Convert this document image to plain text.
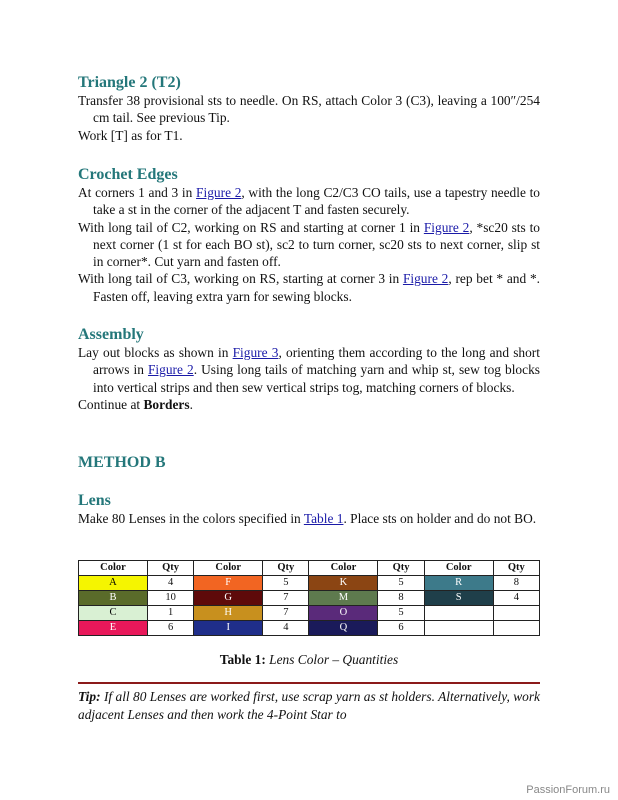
Triangle 2 (T2)

Transfer 38 provisional sts to needle. On RS, attach Color 3 (C3), leaving a 100″/254 cm tail. See previous Tip.

Work [T] as for T1.

Crochet Edges

At corners 1 and 3 in Figure 2, with the long C2/C3 CO tails, use a tapestry needle to take a st in the corner of the adjacent T and fasten securely.

With long tail of C2, working on RS and starting at corner 1 in Figure 2, *sc20 sts to next corner (1 st for each BO st), sc2 to turn corner, sc20 sts to next corner, slip st in corner*. Cut yarn and fasten off.

With long tail of C3, working on RS, starting at corner 3 in Figure 2, rep bet * and *. Fasten off, leaving extra yarn for sewing blocks.

Assembly

Lay out blocks as shown in Figure 3, orienting them according to the long and short arrows in Figure 2. Using long tails of matching yarn and whip st, sew tog blocks into vertical strips and then sew vertical strips tog, matching corners of blocks.

Continue at Borders.

METHOD B
Lens

Make 80 Lenses in the colors specified in Table 1. Place sts on holder and do not BO.

Color	Qty	Color	Qty	Color	Qty	Color	Qty
A	4	F	5	K	5	R	8
B	10	G	7	M	8	S	4
C	1	H	7	O	5		
E	6	I	4	Q	6		
Table 1: Lens Color – Quantities
Tip: If all 80 Lenses are worked first, use scrap yarn as st holders. Alternatively, work adjacent Lenses and then work the 4-Point Star to
PassionForum.ru
